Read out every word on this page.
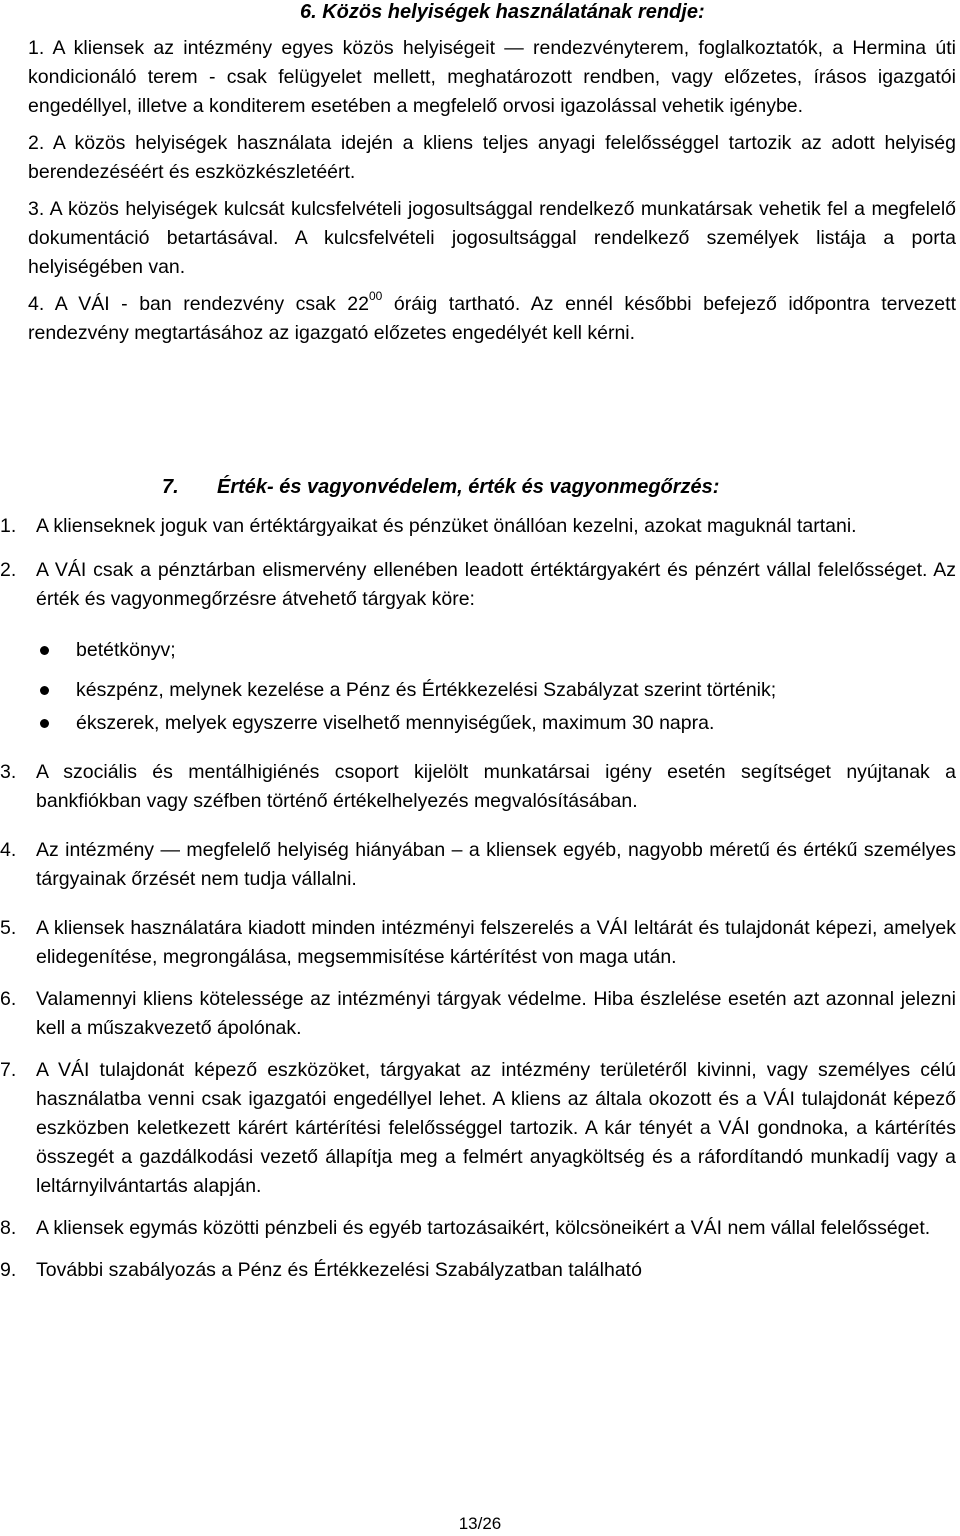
6. Közös helyiségek használatának rendje:

1. A kliensek az intézmény egyes közös helyiségeit — rendezvényterem, foglalkoztatók, a Hermina úti kondicionáló terem - csak felügyelet mellett, meghatározott rendben, vagy előzetes, írásos igazgatói engedéllyel, illetve a konditerem esetében a megfelelő orvosi igazolással vehetik igénybe.

2. A közös helyiségek használata idején a kliens teljes anyagi felelősséggel tartozik az adott helyiség berendezéséért és eszközkészletéért.

3. A közös helyiségek kulcsát kulcsfelvételi jogosultsággal rendelkező munkatársak vehetik fel a megfelelő dokumentáció betartásával. A kulcsfelvételi jogosultsággal rendelkező személyek listája a porta helyiségében van.

4. A VÁI - ban rendezvény csak $22^{00}$ óráig tartható. Az ennél későbbi befejező időpontra tervezett rendezvény megtartásához az igazgató előzetes engedélyét kell kérni.

7. Érték- és vagyonvédelem, érték és vagyonmegőrzés:
1. A klienseknek joguk van értéktárgyaikat és pénzüket önállóan kezelni, azokat maguknál tartani.
2. A VÁI csak a pénztárban elismervény ellenében leadott értéktárgyakért és pénzért vállal felelősséget. Az érték és vagyonmegőrzésre átvehető tárgyak köre:
betétkönyv;
készpénz, melynek kezelése a Pénz és Értékkezelési Szabályzat szerint történik;
ékszerek, melyek egyszerre viselhető mennyiségűek, maximum 30 napra.
3. A szociális és mentálhigiénés csoport kijelölt munkatársai igény esetén segítséget nyújtanak a bankfiókban vagy széfben történő értékelhelyezés megvalósításában.
4. Az intézmény — megfelelő helyiség hiányában – a kliensek egyéb, nagyobb méretű és értékű személyes tárgyainak őrzését nem tudja vállalni.
5. A kliensek használatára kiadott minden intézményi felszerelés a VÁI leltárát és tulajdonát képezi, amelyek elidegenítése, megrongálása, megsemmisítése kártérítést von maga után.
6. Valamennyi kliens kötelessége az intézményi tárgyak védelme. Hiba észlelése esetén azt azonnal jelezni kell a műszakvezető ápolónak.
7. A VÁI tulajdonát képező eszközöket, tárgyakat az intézmény területéről kivinni, vagy személyes célú használatba venni csak igazgatói engedéllyel lehet. A kliens az általa okozott és a VÁI tulajdonát képező eszközben keletkezett kárért kártérítési felelősséggel tartozik. A kár tényét a VÁI gondnoka, a kártérítés összegét a gazdálkodási vezető állapítja meg a felmért anyagköltség és a ráfordítandó munkadíj vagy a leltárnyilvántartás alapján.
8. A kliensek egymás közötti pénzbeli és egyéb tartozásaikért, kölcsöneikért a VÁI nem vállal felelősséget.
9. További szabályozás a Pénz és Értékkezelési Szabályzatban található
13/26
